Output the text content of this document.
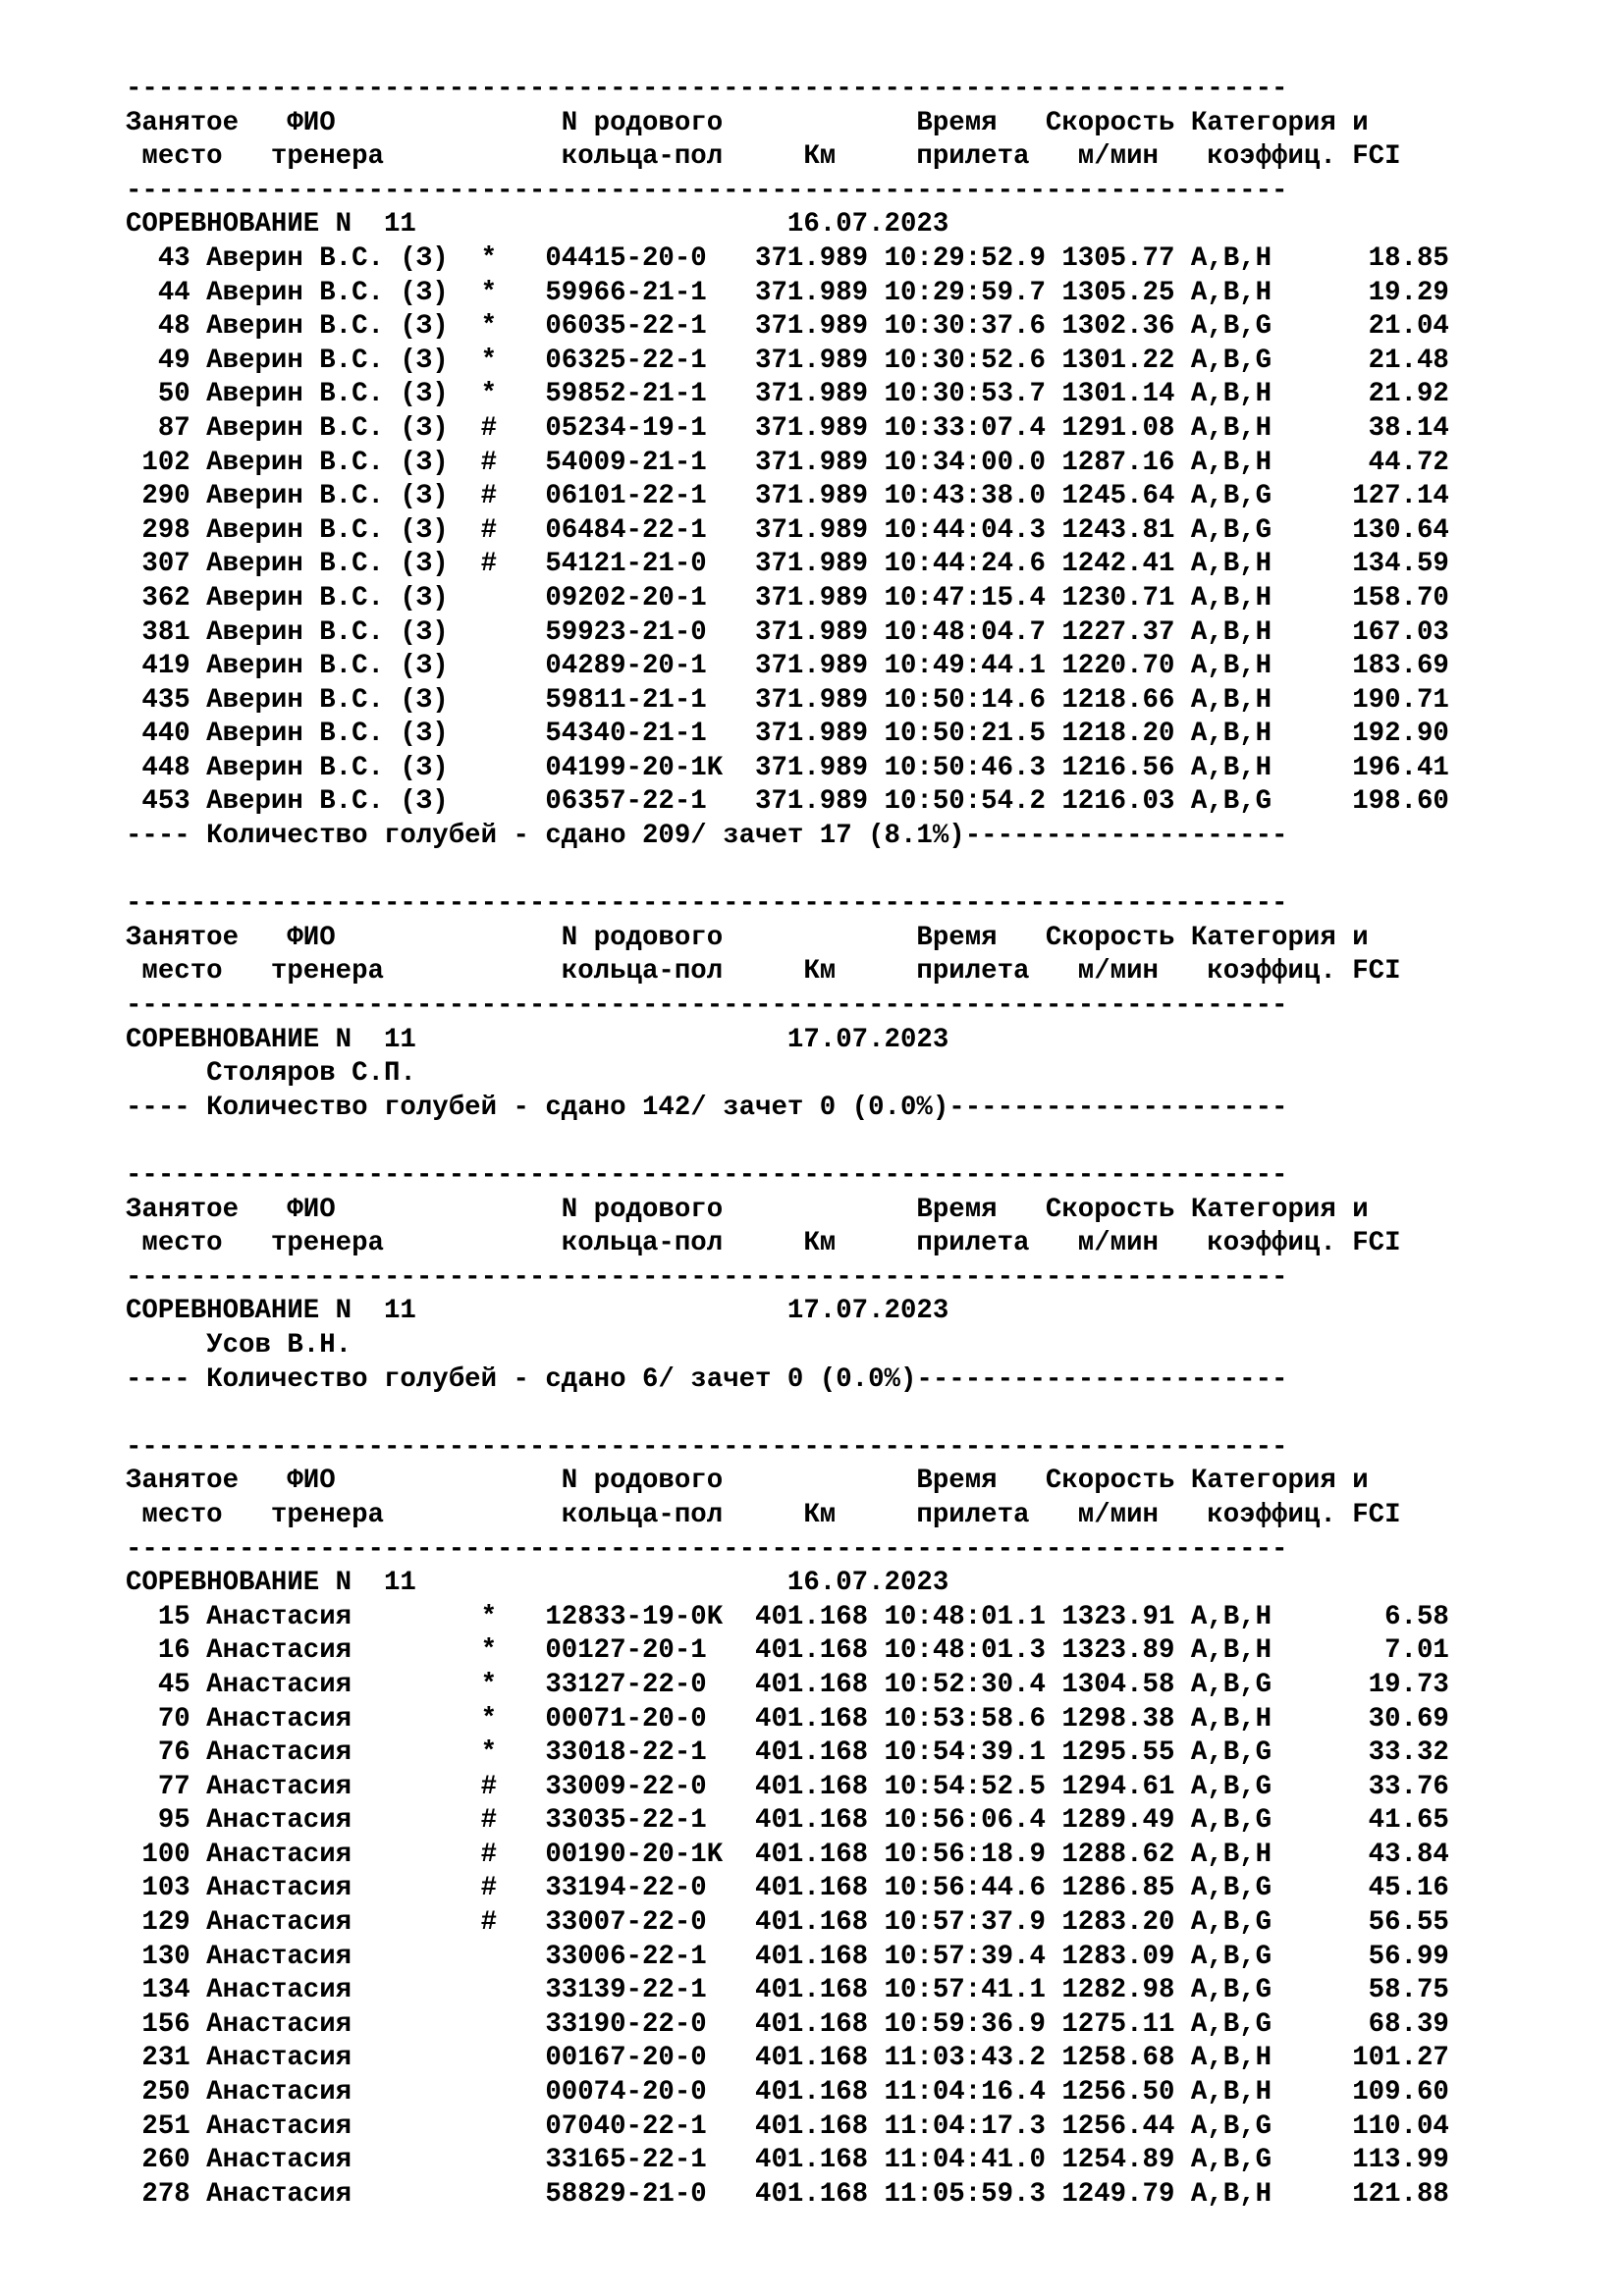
------------------------------------------------------------------------
Занятое   ФИО              N родового            Время   Скорость Категория и
место   тренера           кольца-пол     Км     прилета   м/мин   коэффиц. FCI
------------------------------------------------------------------------
СОРЕВНОВАНИЕ N  11                       16.07.2023
43 Аверин В.С. (З)  *   04415-20-0   371.989 10:29:52.9 1305.77 A,B,H      18.85
44 Аверин В.С. (З)  *   59966-21-1   371.989 10:29:59.7 1305.25 A,B,H      19.29
48 Аверин В.С. (З)  *   06035-22-1   371.989 10:30:37.6 1302.36 A,B,G      21.04
49 Аверин В.С. (З)  *   06325-22-1   371.989 10:30:52.6 1301.22 A,B,G      21.48
50 Аверин В.С. (З)  *   59852-21-1   371.989 10:30:53.7 1301.14 A,B,H      21.92
87 Аверин В.С. (З)  #   05234-19-1   371.989 10:33:07.4 1291.08 A,B,H      38.14
102 Аверин В.С. (З)  #   54009-21-1   371.989 10:34:00.0 1287.16 A,B,H      44.72
290 Аверин В.С. (З)  #   06101-22-1   371.989 10:43:38.0 1245.64 A,B,G     127.14
298 Аверин В.С. (З)  #   06484-22-1   371.989 10:44:04.3 1243.81 A,B,G     130.64
307 Аверин В.С. (З)  #   54121-21-0   371.989 10:44:24.6 1242.41 A,B,H     134.59
362 Аверин В.С. (З)      09202-20-1   371.989 10:47:15.4 1230.71 A,B,H     158.70
381 Аверин В.С. (З)      59923-21-0   371.989 10:48:04.7 1227.37 A,B,H     167.03
419 Аверин В.С. (З)      04289-20-1   371.989 10:49:44.1 1220.70 A,B,H     183.69
435 Аверин В.С. (З)      59811-21-1   371.989 10:50:14.6 1218.66 A,B,H     190.71
440 Аверин В.С. (З)      54340-21-1   371.989 10:50:21.5 1218.20 A,B,H     192.90
448 Аверин В.С. (З)      04199-20-1K  371.989 10:50:46.3 1216.56 A,B,H     196.41
453 Аверин В.С. (З)      06357-22-1   371.989 10:50:54.2 1216.03 A,B,G     198.60
---- Количество голубей - сдано 209/ зачет 17 (8.1%)--------------------
------------------------------------------------------------------------
Занятое   ФИО              N родового            Время   Скорость Категория и
место   тренера           кольца-пол     Км     прилета   м/мин   коэффиц. FCI
------------------------------------------------------------------------
СОРЕВНОВАНИЕ N  11                       17.07.2023
Столяров С.П.
---- Количество голубей - сдано 142/ зачет 0 (0.0%)---------------------
------------------------------------------------------------------------
Занятое   ФИО              N родового            Время   Скорость Категория и
место   тренера           кольца-пол     Км     прилета   м/мин   коэффиц. FCI
------------------------------------------------------------------------
СОРЕВНОВАНИЕ N  11                       17.07.2023
Усов В.Н.
---- Количество голубей - сдано 6/ зачет 0 (0.0%)-----------------------
------------------------------------------------------------------------
Занятое   ФИО              N родового            Время   Скорость Категория и
место   тренера           кольца-пол     Км     прилета   м/мин   коэффиц. FCI
------------------------------------------------------------------------
СОРЕВНОВАНИЕ N  11                       16.07.2023
15 Анастасия        *   12833-19-0K  401.168 10:48:01.1 1323.91 A,B,H       6.58
16 Анастасия        *   00127-20-1   401.168 10:48:01.3 1323.89 A,B,H       7.01
45 Анастасия        *   33127-22-0   401.168 10:52:30.4 1304.58 A,B,G      19.73
70 Анастасия        *   00071-20-0   401.168 10:53:58.6 1298.38 A,B,H      30.69
76 Анастасия        *   33018-22-1   401.168 10:54:39.1 1295.55 A,B,G      33.32
77 Анастасия        #   33009-22-0   401.168 10:54:52.5 1294.61 A,B,G      33.76
95 Анастасия        #   33035-22-1   401.168 10:56:06.4 1289.49 A,B,G      41.65
100 Анастасия        #   00190-20-1K  401.168 10:56:18.9 1288.62 A,B,H      43.84
103 Анастасия        #   33194-22-0   401.168 10:56:44.6 1286.85 A,B,G      45.16
129 Анастасия        #   33007-22-0   401.168 10:57:37.9 1283.20 A,B,G      56.55
130 Анастасия            33006-22-1   401.168 10:57:39.4 1283.09 A,B,G      56.99
134 Анастасия            33139-22-1   401.168 10:57:41.1 1282.98 A,B,G      58.75
156 Анастасия            33190-22-0   401.168 10:59:36.9 1275.11 A,B,G      68.39
231 Анастасия            00167-20-0   401.168 11:03:43.2 1258.68 A,B,H     101.27
250 Анастасия            00074-20-0   401.168 11:04:16.4 1256.50 A,B,H     109.60
251 Анастасия            07040-22-1   401.168 11:04:17.3 1256.44 A,B,G     110.04
260 Анастасия            33165-22-1   401.168 11:04:41.0 1254.89 A,B,G     113.99
278 Анастасия            58829-21-0   401.168 11:05:59.3 1249.79 A,B,H     121.88
